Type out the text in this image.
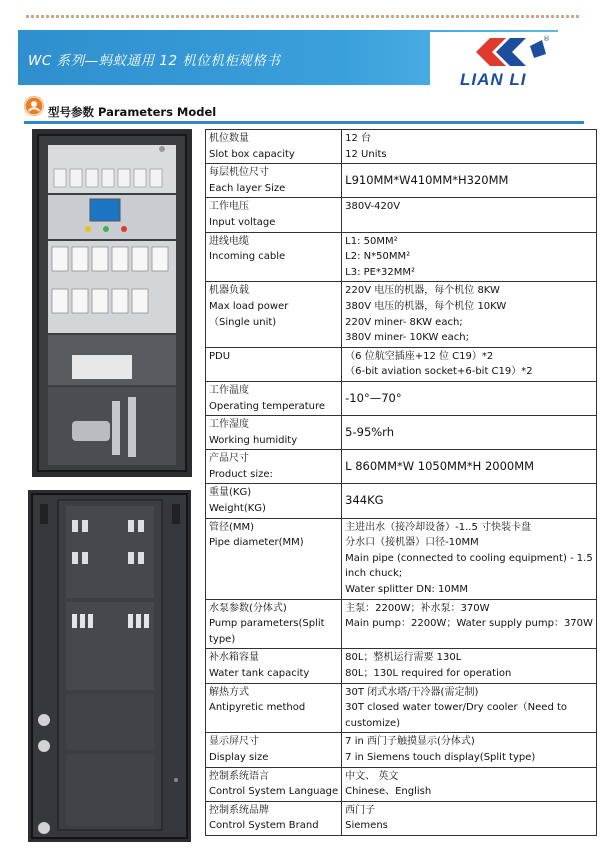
WC 系列—蚂蚁通用 12 机位机柜规格书
®
LIAN LI
型号参数 Parameters Model
机位数量
Slot box capacity	12 台
12 Units

每层机位尺寸
Each layer Size	L910MM*W410MM*H320MM

工作电压
Input voltage	380V-420V

进线电缆
Incoming cable	L1: 50MM²
L2: N*50MM²
L3: PE*32MM²

机器负载
Max load power
（Single unit)	220V 电压的机器，每个机位 8KW
380V 电压的机器，每个机位 10KW
220V miner- 8KW each;
380V miner- 10KW each;

PDU	（6 位航空插座+12 位 C19）*2
（6-bit aviation socket+6-bit C19）*2

工作温度
Operating temperature	-10°—70°

工作湿度
Working humidity	5-95%rh

产品尺寸
Product size:	L 860MM*W 1050MM*H 2000MM

重量(KG)
Weight(KG)	344KG

管径(MM)
Pipe diameter(MM)	主进出水（接冷却设备）-1..5 寸快装卡盘
分水口（接机器）口径-10MM
Main pipe (connected to cooling equipment) - 1.5 inch chuck;
Water splitter DN: 10MM

水泵参数(分体式)
Pump parameters(Split type)	主泵：2200W；补水泵：370W
Main pump：2200W；Water supply pump：370W

补水箱容量
Water tank capacity	80L；整机运行需要 130L
80L；130L required for operation

解热方式
Antipyretic method	30T 闭式水塔/干冷器(需定制)
30T closed water tower/Dry cooler（Need to customize)

显示屏尺寸
Display size	7 in 西门子触摸显示(分体式)
7 in Siemens touch display(Split type)

控制系统语言
Control System Language	中文、 英文
Chinese、English

控制系统品牌
Control System Brand	西门子
Siemens
